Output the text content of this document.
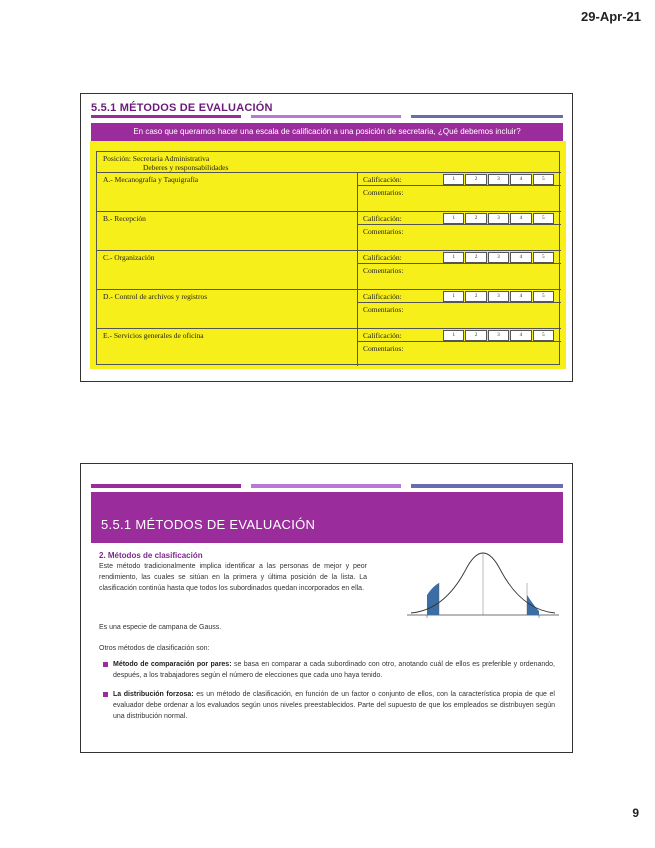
29-Apr-21
5.5.1 MÉTODOS DE EVALUACIÓN
En caso que queramos hacer una escala de calificación a una posición de secretaria, ¿Qué debemos incluir?
Posición: Secretaria Administrativa
Deberes y responsabilidades
A.- Mecanografía y Taquigrafía	Calificación:	1	2	3	4	5
Comentarios:
B.- Recepción	Calificación:	1	2	3	4	5
Comentarios:
C.- Organización	Calificación:	1	2	3	4	5
Comentarios:
D.- Control de archivos y registros	Calificación:	1	2	3	4	5
Comentarios:
E.- Servicios generales de oficina	Calificación:	1	2	3	4	5
Comentarios:
5.5.1 MÉTODOS DE EVALUACIÓN
2. Métodos de clasificación
Este método tradicionalmente implica identificar a las personas de mejor y peor rendimiento, las cuales se sitúan en la primera y última posición de la lista. La clasificación continúa hasta que todos los subordinados quedan incorporados en ella.
Es una especie de campana de Gauss.
Otros métodos de clasificación son:
Método de comparación por pares: se basa en comparar a cada subordinado con otro, anotando cuál de ellos es preferible y ordenando, después, a los trabajadores según el número de elecciones que cada uno haya tenido.
La distribución forzosa: es un método de clasificación, en función de un factor o conjunto de ellos, con la característica propia de que el evaluador debe ordenar a los evaluados según unos niveles preestablecidos. Parte del supuesto de que los empleados se distribuyen según una distribución normal.
9
